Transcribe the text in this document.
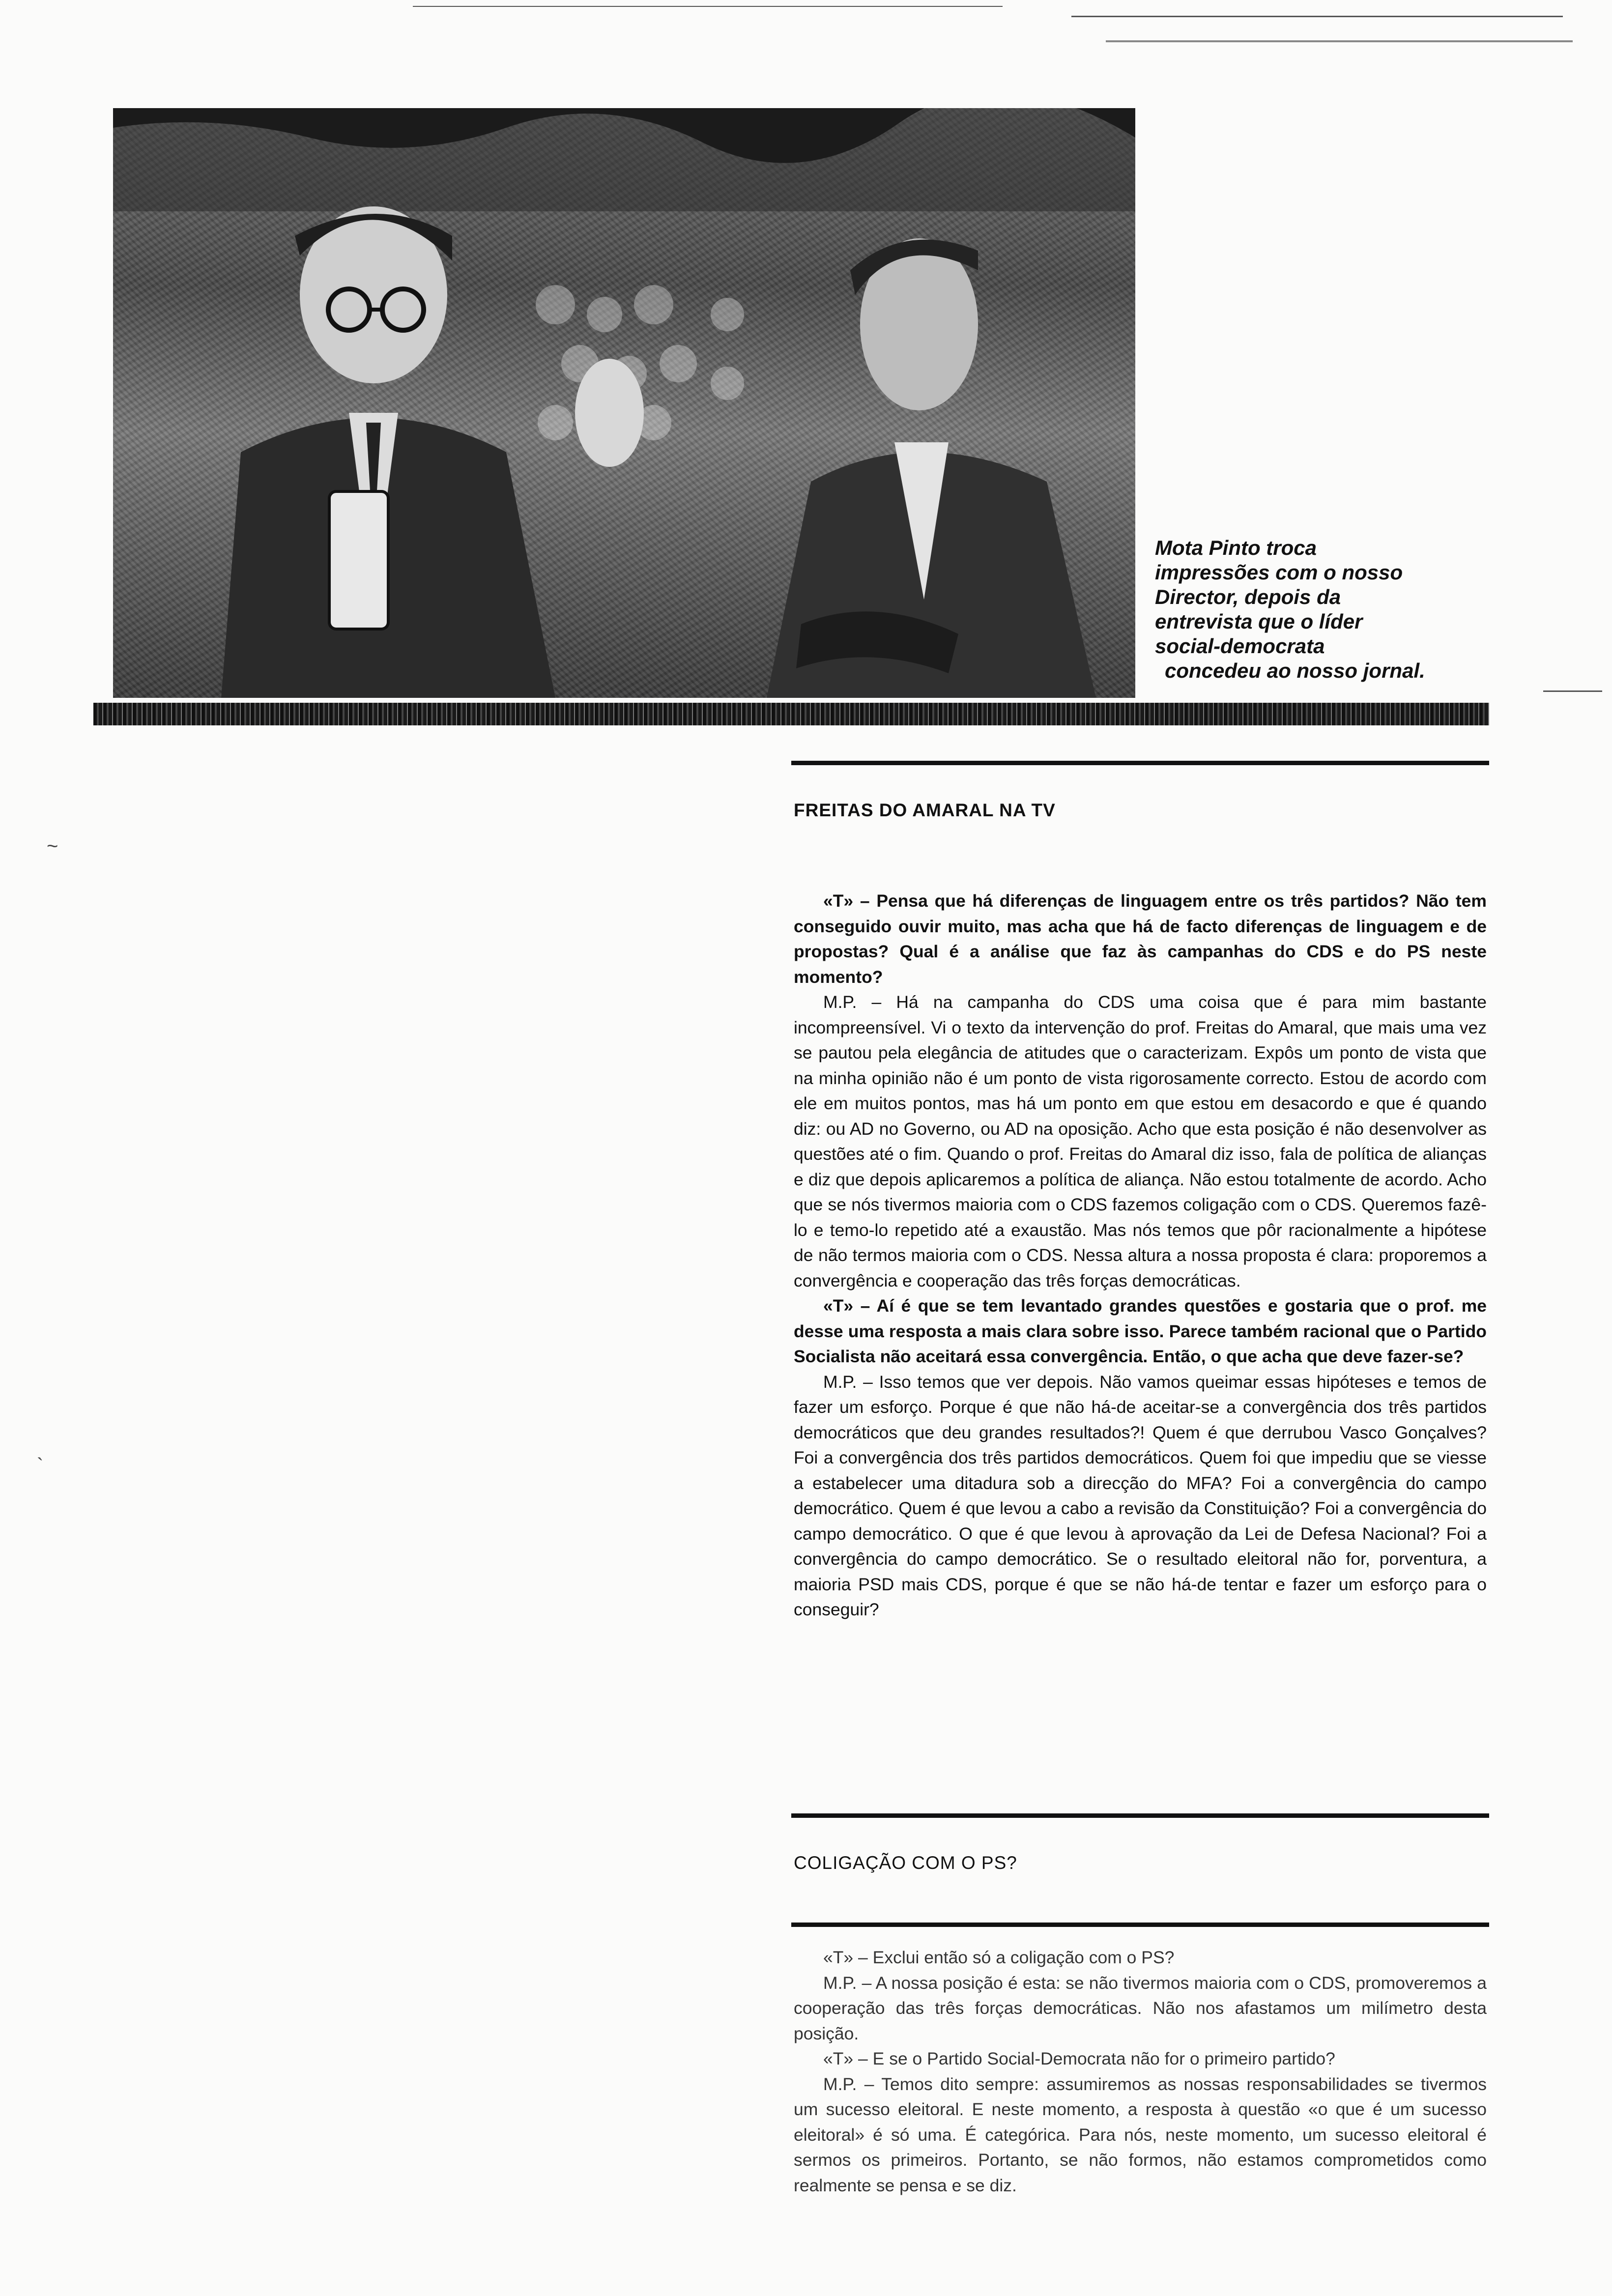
~
`
Mota Pinto troca
impressões com o nosso
Director, depois da
entrevista que o líder
social-democrata
concedeu ao nosso jornal.
FREITAS DO AMARAL NA TV

«T» – Pensa que há diferenças de linguagem entre os três partidos? Não tem conseguido ouvir muito, mas acha que há de facto diferenças de linguagem e de propostas? Qual é a análise que faz às campanhas do CDS e do PS neste momento?

M.P. – Há na campanha do CDS uma coisa que é para mim bastante incompreensível. Vi o texto da intervenção do prof. Freitas do Amaral, que mais uma vez se pautou pela elegância de atitudes que o caracterizam. Expôs um ponto de vista que na minha opinião não é um ponto de vista rigorosamente correcto. Estou de acordo com ele em muitos pontos, mas há um ponto em que estou em desacordo e que é quando diz: ou AD no Governo, ou AD na oposição. Acho que esta posição é não desenvolver as questões até o fim. Quando o prof. Freitas do Amaral diz isso, fala de política de alianças e diz que depois aplicaremos a política de aliança. Não estou totalmente de acordo. Acho que se nós tivermos maioria com o CDS fazemos coligação com o CDS. Queremos fazê-lo e temo-lo repetido até a exaustão. Mas nós temos que pôr racionalmente a hipótese de não termos maioria com o CDS. Nessa altura a nossa proposta é clara: proporemos a convergência e cooperação das três forças democráticas.

«T» – Aí é que se tem levantado grandes questões e gostaria que o prof. me desse uma resposta a mais clara sobre isso. Parece também racional que o Partido Socialista não aceitará essa convergência. Então, o que acha que deve fazer-se?

M.P. – Isso temos que ver depois. Não vamos queimar essas hipóteses e temos de fazer um esforço. Porque é que não há-de aceitar-se a convergência dos três partidos democráticos que deu grandes resultados?! Quem é que derrubou Vasco Gonçalves? Foi a convergência dos três partidos democráticos. Quem foi que impediu que se viesse a estabelecer uma ditadura sob a direcção do MFA? Foi a convergência do campo democrático. Quem é que levou a cabo a revisão da Constituição? Foi a convergência do campo democrático. O que é que levou à aprovação da Lei de Defesa Nacional? Foi a convergência do campo democrático. Se o resultado eleitoral não for, porventura, a maioria PSD mais CDS, porque é que se não há-de tentar e fazer um esforço para o conseguir?

COLIGAÇÃO COM O PS?

«T» – Exclui então só a coligação com o PS?

M.P. – A nossa posição é esta: se não tivermos maioria com o CDS, promoveremos a cooperação das três forças democráticas. Não nos afastamos um milímetro desta posição.

«T» – E se o Partido Social-Democrata não for o primeiro partido?

M.P. – Temos dito sempre: assumiremos as nossas responsabilidades se tivermos um sucesso eleitoral. E neste momento, a resposta à questão «o que é um sucesso eleitoral» é só uma. É categórica. Para nós, neste momento, um sucesso eleitoral é sermos os primeiros. Portanto, se não formos, não estamos comprometidos como realmente se pensa e se diz.
